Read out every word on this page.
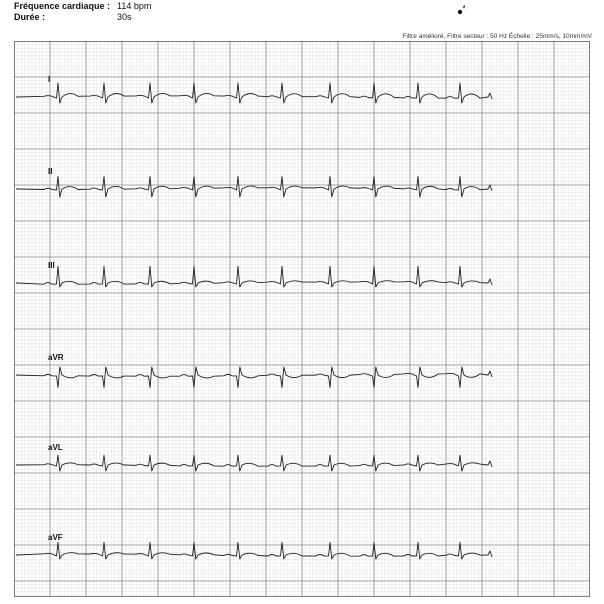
Fréquence cardiaque : 114 bpm
Durée :	30s
Filtre amélioré, Filtre secteur : 50 Hz Échelle : 25mm/s, 10mm/mV
I
II
III
aVR
aVL
aVF
